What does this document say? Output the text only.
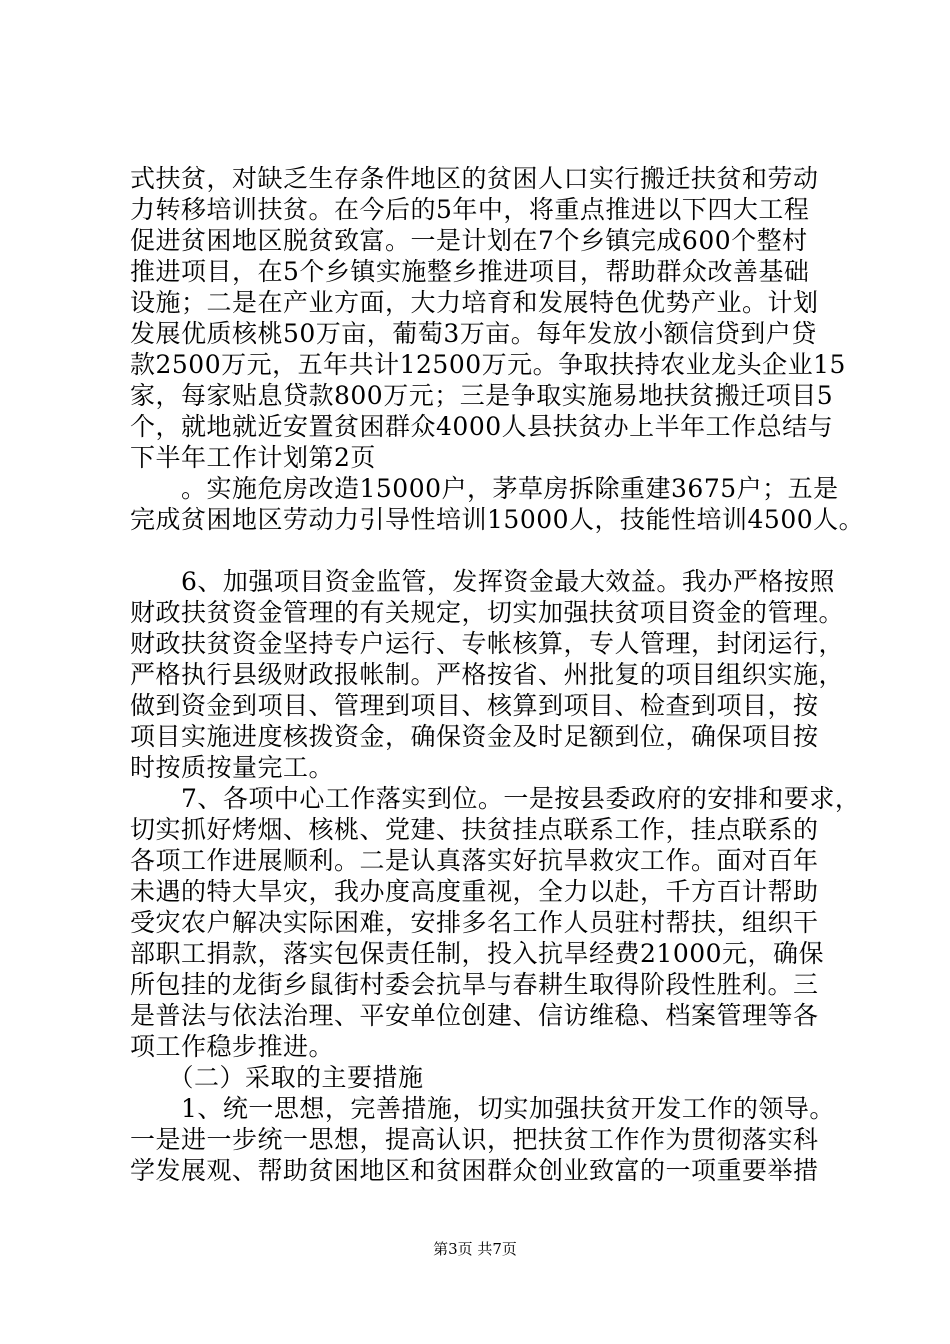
式扶贫，对缺乏生存条件地区的贫困人口实行搬迁扶贫和劳动
力转移培训扶贫。在今后的5年中，将重点推进以下四大工程
促进贫困地区脱贫致富。一是计划在7个乡镇完成600个整村
推进项目，在5个乡镇实施整乡推进项目，帮助群众改善基础
设施；二是在产业方面，大力培育和发展特色优势产业。计划
发展优质核桃50万亩，葡萄3万亩。每年发放小额信贷到户贷
款2500万元，五年共计12500万元。争取扶持农业龙头企业15
家，每家贴息贷款800万元；三是争取实施易地扶贫搬迁项目5
个，就地就近安置贫困群众4000人县扶贫办上半年工作总结与
下半年工作计划第2页
　　。实施危房改造15000户，茅草房拆除重建3675户；五是
完成贫困地区劳动力引导性培训15000人，技能性培训4500人。
　　6、加强项目资金监管，发挥资金最大效益。我办严格按照
财政扶贫资金管理的有关规定，切实加强扶贫项目资金的管理。
财政扶贫资金坚持专户运行、专帐核算，专人管理，封闭运行，
严格执行县级财政报帐制。严格按省、州批复的项目组织实施，
做到资金到项目、管理到项目、核算到项目、检查到项目，按
项目实施进度核拨资金，确保资金及时足额到位，确保项目按
时按质按量完工。
　　7、各项中心工作落实到位。一是按县委政府的安排和要求，
切实抓好烤烟、核桃、党建、扶贫挂点联系工作，挂点联系的
各项工作进展顺利。二是认真落实好抗旱救灾工作。面对百年
未遇的特大旱灾，我办度高度重视，全力以赴，千方百计帮助
受灾农户解决实际困难，安排多名工作人员驻村帮扶，组织干
部职工捐款，落实包保责任制，投入抗旱经费21000元，确保
所包挂的龙街乡鼠街村委会抗旱与春耕生取得阶段性胜利。三
是普法与依法治理、平安单位创建、信访维稳、档案管理等各
项工作稳步推进。
　　（二）采取的主要措施
　　1、统一思想，完善措施，切实加强扶贫开发工作的领导。
一是进一步统一思想，提高认识，把扶贫工作作为贯彻落实科
学发展观、帮助贫困地区和贫困群众创业致富的一项重要举措
第3页 共7页
